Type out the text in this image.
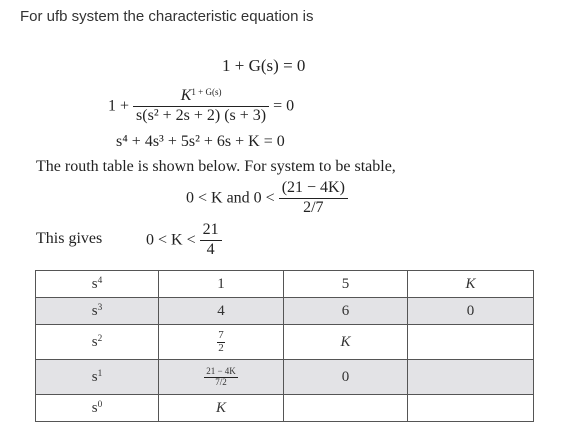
For ufb system the characteristic equation is
1 + G(s) = 0
$1 + \frac{K^{1 + G(s)}}{\text{s(s² + 2s + 2) (s + 3)}} = 0$
s⁴ + 4s³ + 5s² + 6s + K = 0
The routh table is shown below. For system to be stable,
0 < K and $0 < \frac{(21 - 4K)}{2/7}$
This gives	$0 < K < \frac{21}{4}$
$s^4$	1	5	K
$s^3$	4	6	0
$s^2$	$\frac{7}{2}$	K	
$s^1$	$\frac{21 - 4K}{7/2}$	0	
$s^0$	K		
